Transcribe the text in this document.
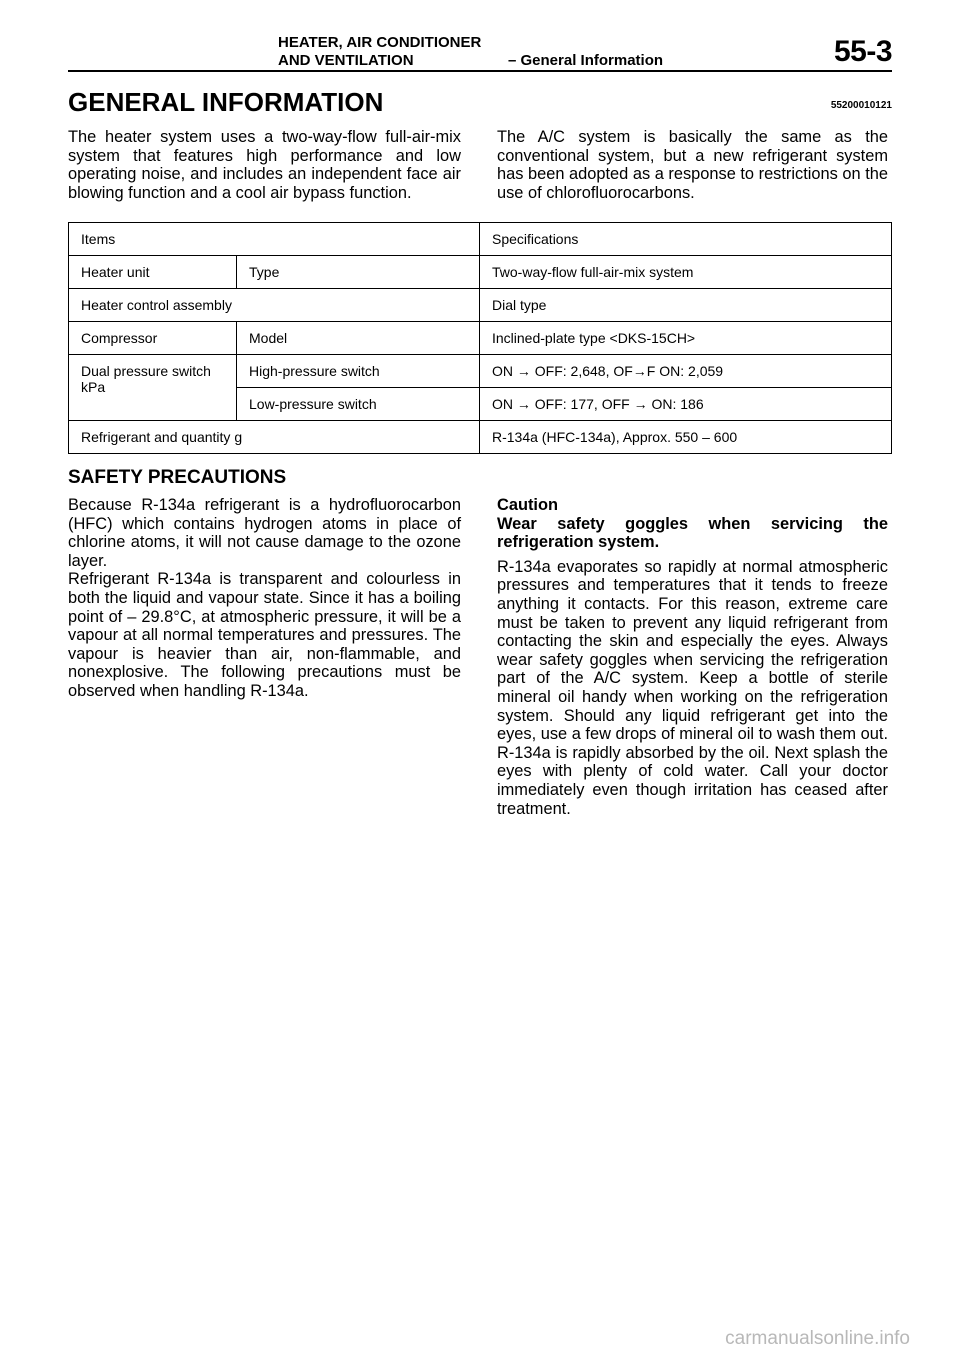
HEATER, AIR CONDITIONER
AND VENTILATION	– General Information	55-3
GENERAL INFORMATION	55200010121

The heater system uses a two-way-flow full-air-mix system that features high performance and low operating noise, and includes an independent face air blowing function and a cool air bypass function.

The A/C system is basically the same as the conventional system, but a new refrigerant system has been adopted as a response to restrictions on the use of chlorofluorocarbons.

Items		Specifications
Heater unit	Type	Two-way-flow full-air-mix system
Heater control assembly		Dial type
Compressor	Model	Inclined-plate type <DKS-15CH>

Dual pressure switch
kPa	High-pressure switch	ON → OFF: 2,648, OF→F ON: 2,059
	Low-pressure switch	ON → OFF: 177, OFF → ON: 186
Refrigerant and quantity g		R-134a (HFC-134a), Approx. 550 – 600
SAFETY PRECAUTIONS
Because R-134a refrigerant is a hydrofluorocarbon (HFC) which contains hydrogen atoms in place of chlorine atoms, it will not cause damage to the ozone layer.
Refrigerant R-134a is transparent and colourless in both the liquid and vapour state. Since it has a boiling point of – 29.8°C, at atmospheric pressure, it will be a vapour at all normal temperatures and pressures. The vapour is heavier than air, non-flammable, and nonexplosive. The following precautions must be observed when handling R-134a.
Caution
Wear safety goggles when servicing the refrigeration system.
R-134a evaporates so rapidly at normal atmospheric pressures and temperatures that it tends to freeze anything it contacts. For this reason, extreme care must be taken to prevent any liquid refrigerant from contacting the skin and especially the eyes. Always wear safety goggles when servicing the refrigeration part of the A/C system. Keep a bottle of sterile mineral oil handy when working on the refrigeration system. Should any liquid refrigerant get into the eyes, use a few drops of mineral oil to wash them out. R-134a is rapidly absorbed by the oil. Next splash the eyes with plenty of cold water. Call your doctor immediately even though irritation has ceased after treatment.
carmanualsonline.info
